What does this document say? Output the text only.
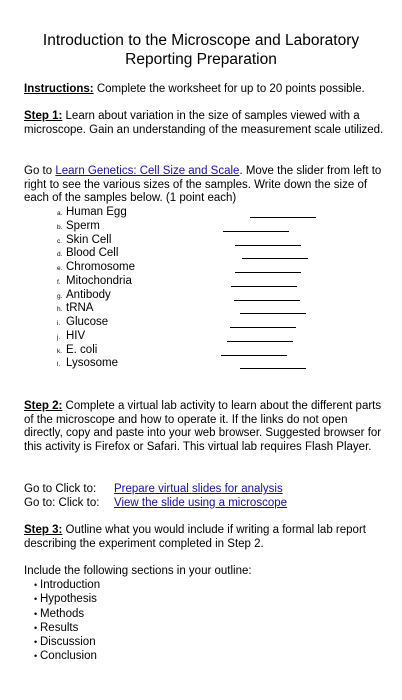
Introduction to the Microscope and Laboratory
Reporting Preparation
Instructions: Complete the worksheet for up to 20 points possible.
Step 1: Learn about variation in the size of samples viewed with a microscope. Gain an understanding of the measurement scale utilized.
Go to Learn Genetics: Cell Size and Scale. Move the slider from left to right to see the various sizes of the samples. Write down the size of each of the samples below. (1 point each)
a. Human Egg
b. Sperm
c. Skin Cell
d. Blood Cell
e. Chromosome
f. Mitochondria
g. Antibody
h. tRNA
i. Glucose
j. HIV
k. E. coli
l. Lysosome
Step 2: Complete a virtual lab activity to learn about the different parts of the microscope and how to operate it. If the links do not open directly, copy and paste into your web browser. Suggested browser for this activity is Firefox or Safari. This virtual lab requires Flash Player.
Go to Click to: Prepare virtual slides for analysis
Go to: Click to: View the slide using a microscope
Step 3: Outline what you would include if writing a formal lab report describing the experiment completed in Step 2.
Include the following sections in your outline:
• Introduction
• Hypothesis
• Methods
• Results
• Discussion
• Conclusion
